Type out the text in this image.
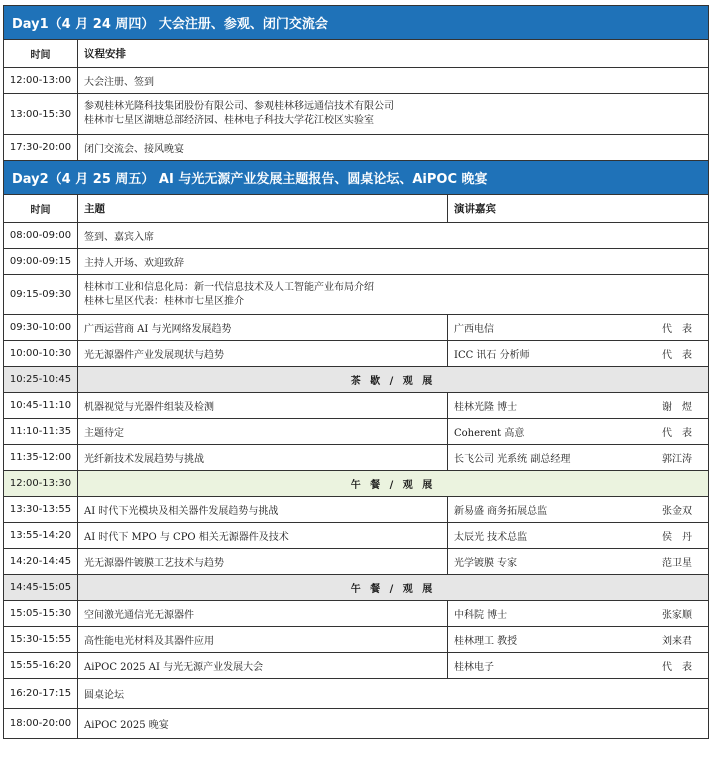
Day1（4 月 24 周四） 大会注册、参观、闭门交流会		
时间	议程安排	
12:00-13:00	大会注册、签到	
13:00-15:30	参观桂林光隆科技集团股份有限公司、参观桂林移远通信技术有限公司
桂林市七星区湖塘总部经济园、桂林电子科技大学花江校区实验室	

17:30-20:00	闭门交流会、接风晚宴	
Day2（4 月 25 周五） AI 与光无源产业发展主题报告、圆桌论坛、AiPOC 晚宴		
时间	主题	演讲嘉宾
08:00-09:00	签到、嘉宾入席	
09:00-09:15	主持人开场、欢迎致辞	
09:15-09:30	桂林市工业和信息化局：新一代信息技术及人工智能产业布局介绍
桂林七星区代表：桂林市七星区推介	

09:30-10:00	广西运营商 AI 与光网络发展趋势	广西电信 代　表

10:00-10:30	光无源器件产业发展现状与趋势	ICC 讯石 分析师 代　表

10:25-10:45	茶 歇 / 观 展	
10:45-11:10	机器视觉与光器件组装及检测	桂林光隆 博士 谢　煜

11:10-11:35	主题待定	Coherent 高意 代　表

11:35-12:00	光纤新技术发展趋势与挑战	长飞公司 光系统 副总经理 郭江涛

12:00-13:30	午 餐 / 观 展	
13:30-13:55	AI 时代下光模块及相关器件发展趋势与挑战	新易盛 商务拓展总监 张金双

13:55-14:20	AI 时代下 MPO 与 CPO 相关无源器件及技术	太辰光 技术总监 侯　丹

14:20-14:45	光无源器件镀膜工艺技术与趋势	光学镀膜 专家 范卫星

14:45-15:05	午 餐 / 观 展	
15:05-15:30	空间激光通信光无源器件	中科院 博士 张家顺

15:30-15:55	高性能电光材料及其器件应用	桂林理工 教授 刘来君

15:55-16:20	AiPOC 2025 AI 与光无源产业发展大会	桂林电子 代　表

16:20-17:15	圆桌论坛	
18:00-20:00	AiPOC 2025 晚宴	
